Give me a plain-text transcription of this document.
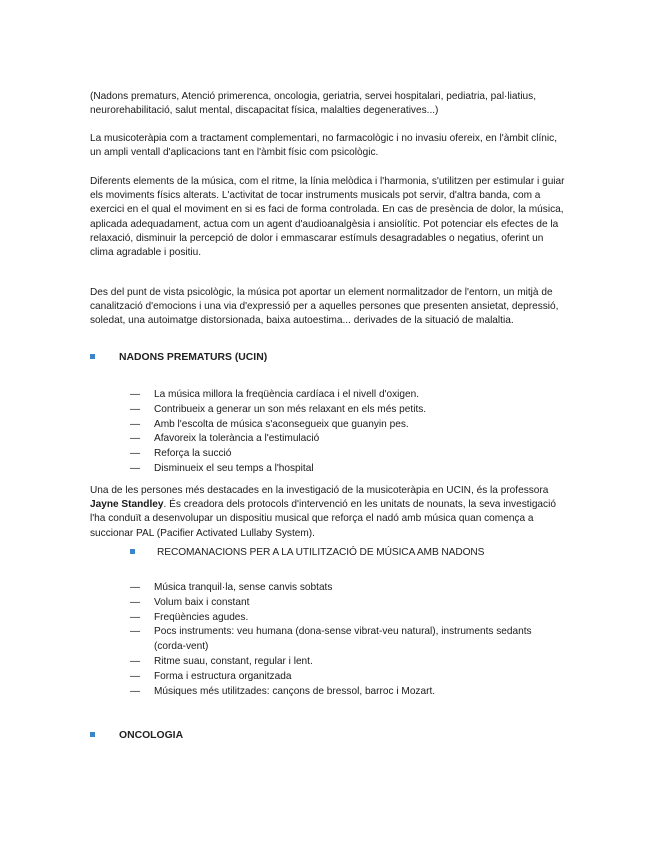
(Nadons prematurs, Atenció primerenca, oncologia, geriatria, servei hospitalari, pediatria, pal·liatius, neurorehabilitació, salut mental, discapacitat física, malalties degeneratives...)

La musicoteràpia com a tractament complementari, no farmacològic i no invasiu ofereix, en l'àmbit clínic, un ampli ventall d'aplicacions tant en l'àmbit físic com psicològic.

Diferents elements de la música, com el ritme, la línia melòdica i l'harmonia, s'utilitzen per estimular i guiar els moviments físics alterats. L'activitat de tocar instruments musicals pot servir, d'altra banda, com a exercici en el qual el moviment en si es faci de forma controlada. En cas de presència de dolor, la música, aplicada adequadament, actua com un agent d'audioanalgèsia i ansiolític. Pot potenciar els efectes de la relaxació, disminuir la percepció de dolor i emmascarar estímuls desagradables o negatius, oferint un clima agradable i positiu.

Des del punt de vista psicològic, la música pot aportar un element normalitzador de l'entorn, un mitjà de canalització d'emocions i una via d'expressió per a aquelles persones que presenten ansietat, depressió, soledat, una autoimatge distorsionada, baixa autoestima... derivades de la situació de malaltia.

NADONS PREMATURS (UCIN)
—	La música millora la freqüència cardíaca i el nivell d'oxigen.
—	Contribueix a generar un son més relaxant en els més petits.
—	Amb l'escolta de música s'aconsegueix que guanyin pes.
—	Afavoreix la tolerància a l'estimulació
—	Reforça la succió
—	Disminueix el seu temps a l'hospital

Una de les persones més destacades en la investigació de la musicoteràpia en UCIN, és la professora Jayne Standley. És creadora dels protocols d'intervenció en les unitats de nounats, la seva investigació l'ha conduït a desenvolupar un dispositiu musical que reforça el nadó amb música quan comença a succionar PAL (Pacifier Activated Lullaby System).

RECOMANACIONS PER A LA UTILITZACIÓ DE MÚSICA AMB NADONS
—	Música tranquil·la, sense canvis sobtats
—	Volum baix i constant
—	Freqüències agudes.
—	Pocs instruments: veu humana (dona-sense vibrat-veu natural), instruments sedants (corda-vent)
—	Ritme suau, constant, regular i lent.
—	Forma i estructura organitzada
—	Músiques més utilitzades: cançons de bressol, barroc i Mozart.
ONCOLOGIA
